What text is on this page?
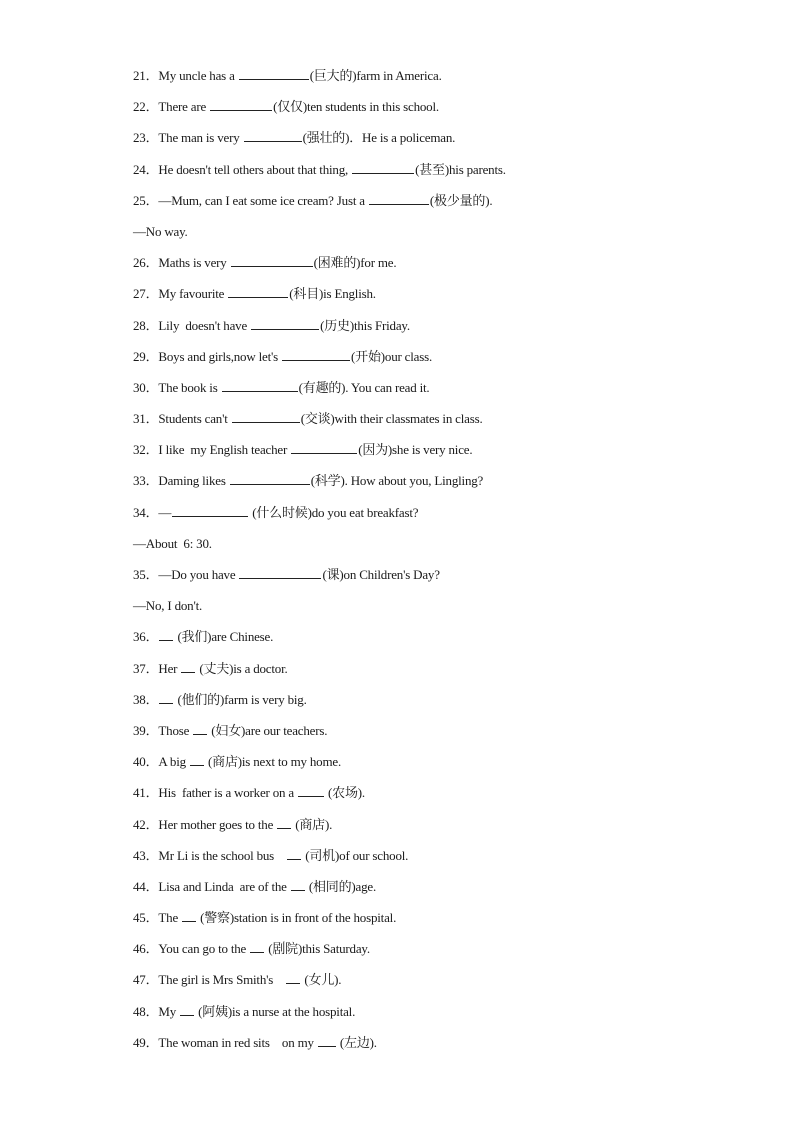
21．My uncle has a	(巨大的)farm in America.
22．There are	(仅仅)ten students in this school.
23．The man is very	(强壮的)．He is a policeman.
24．He doesn't tell others about that thing,	(甚至)his parents.
25．—Mum, can I eat some ice cream? Just a	(极少量的).
—No way.
26．Maths is very	(困难的)for me.
27．My favourite	(科目)is English.
28．Lily  doesn't have	(历史)this Friday.
29．Boys and girls,now let's	(开始)our class.
30．The book is	(有趣的). You can read it.
31．Students can't	(交谈)with their classmates in class.
32．I like  my English teacher	(因为)she is very nice.
33．Daming likes	(科学). How about you, Lingling?
34．—	(什么时候)do you eat breakfast?
—About  6: 30.
35．—Do you have	(课)on Children's Day?
—No, I don't.
36． (我们)are Chinese.
37．Her  (丈夫)is a doctor.
38． (他们的)farm is very big.
39．Those  (妇女)are our teachers.
40．A big  (商店)is next to my home.
41．His  father is a worker on a  (农场).
42．Her mother goes to the  (商店).
43．Mr Li is the school bus     (司机)of our school.
44．Lisa and Linda  are of the  (相同的)age.
45．The  (警察)station is in front of the hospital.
46．You can go to the  (剧院)this Saturday.
47．The girl is Mrs Smith's     (女儿).
48．My  (阿姨)is a nurse at the hospital.
49．The woman in red sits    on my  (左边).
